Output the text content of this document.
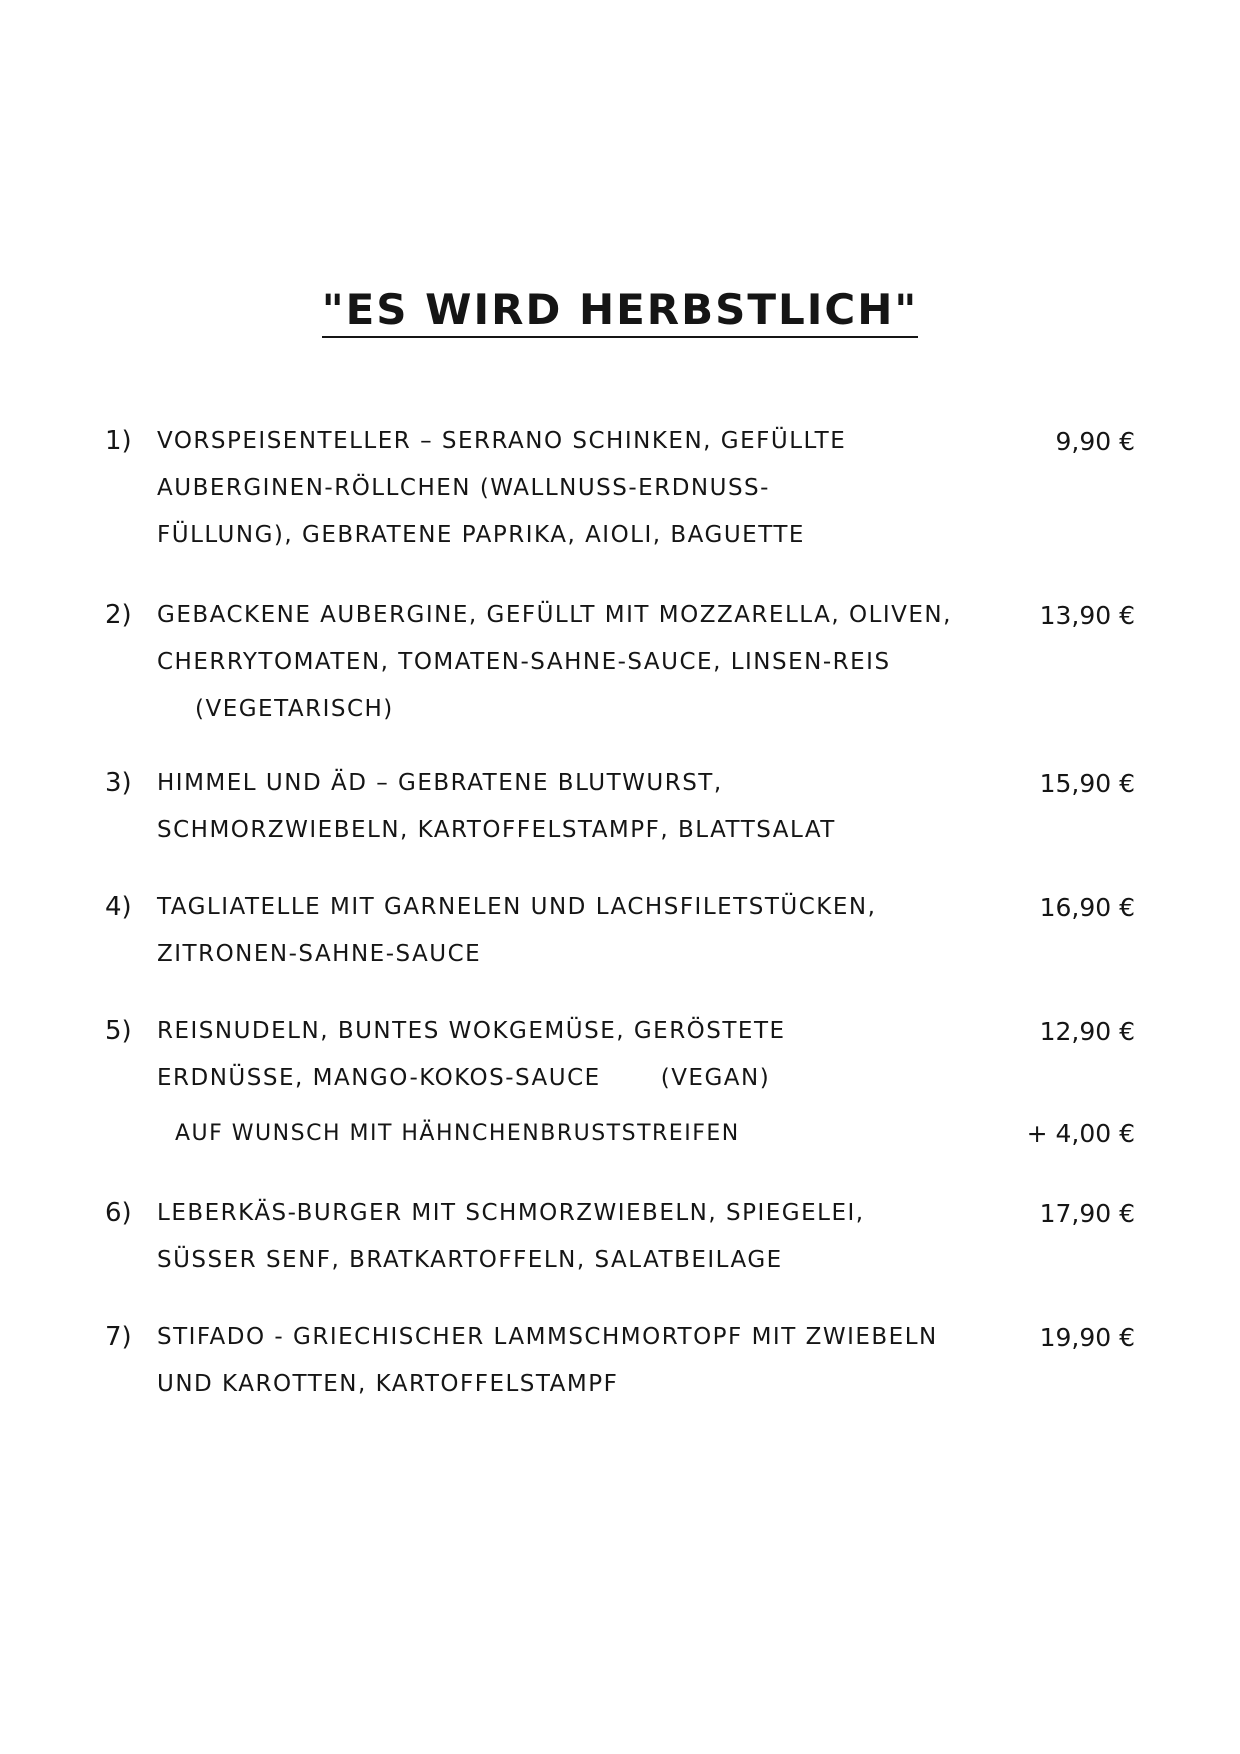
"ES WIRD HERBSTLICH"
1) VORSPEISENTELLER – SERRANO SCHINKEN, GEFÜLLTE
AUBERGINEN-RÖLLCHEN (WALLNUSS-ERDNUSS-
FÜLLUNG), GEBRATENE PAPRIKA, AIOLI, BAGUETTE
9,90 €
2) GEBACKENE AUBERGINE, GEFÜLLT MIT MOZZARELLA, OLIVEN,
CHERRYTOMATEN, TOMATEN-SAHNE-SAUCE, LINSEN-REIS
(VEGETARISCH)
13,90 €
3) HIMMEL UND ÄD – GEBRATENE BLUTWURST,
SCHMORZWIEBELN, KARTOFFELSTAMPF, BLATTSALAT
15,90 €
4) TAGLIATELLE MIT GARNELEN UND LACHSFILETSTÜCKEN,
ZITRONEN-SAHNE-SAUCE
16,90 €
5) REISNUDELN, BUNTES WOKGEMÜSE, GERÖSTETE
ERDNÜSSE, MANGO-KOKOS-SAUCE	(VEGAN)
12,90 €
AUF WUNSCH MIT HÄHNCHENBRUSTSTREIFEN	+ 4,00 €
6) LEBERKÄS-BURGER MIT SCHMORZWIEBELN, SPIEGELEI,
SÜSSER SENF, BRATKARTOFFELN, SALATBEILAGE
17,90 €
7) STIFADO - GRIECHISCHER LAMMSCHMORTOPF MIT ZWIEBELN
UND KAROTTEN, KARTOFFELSTAMPF
19,90 €
